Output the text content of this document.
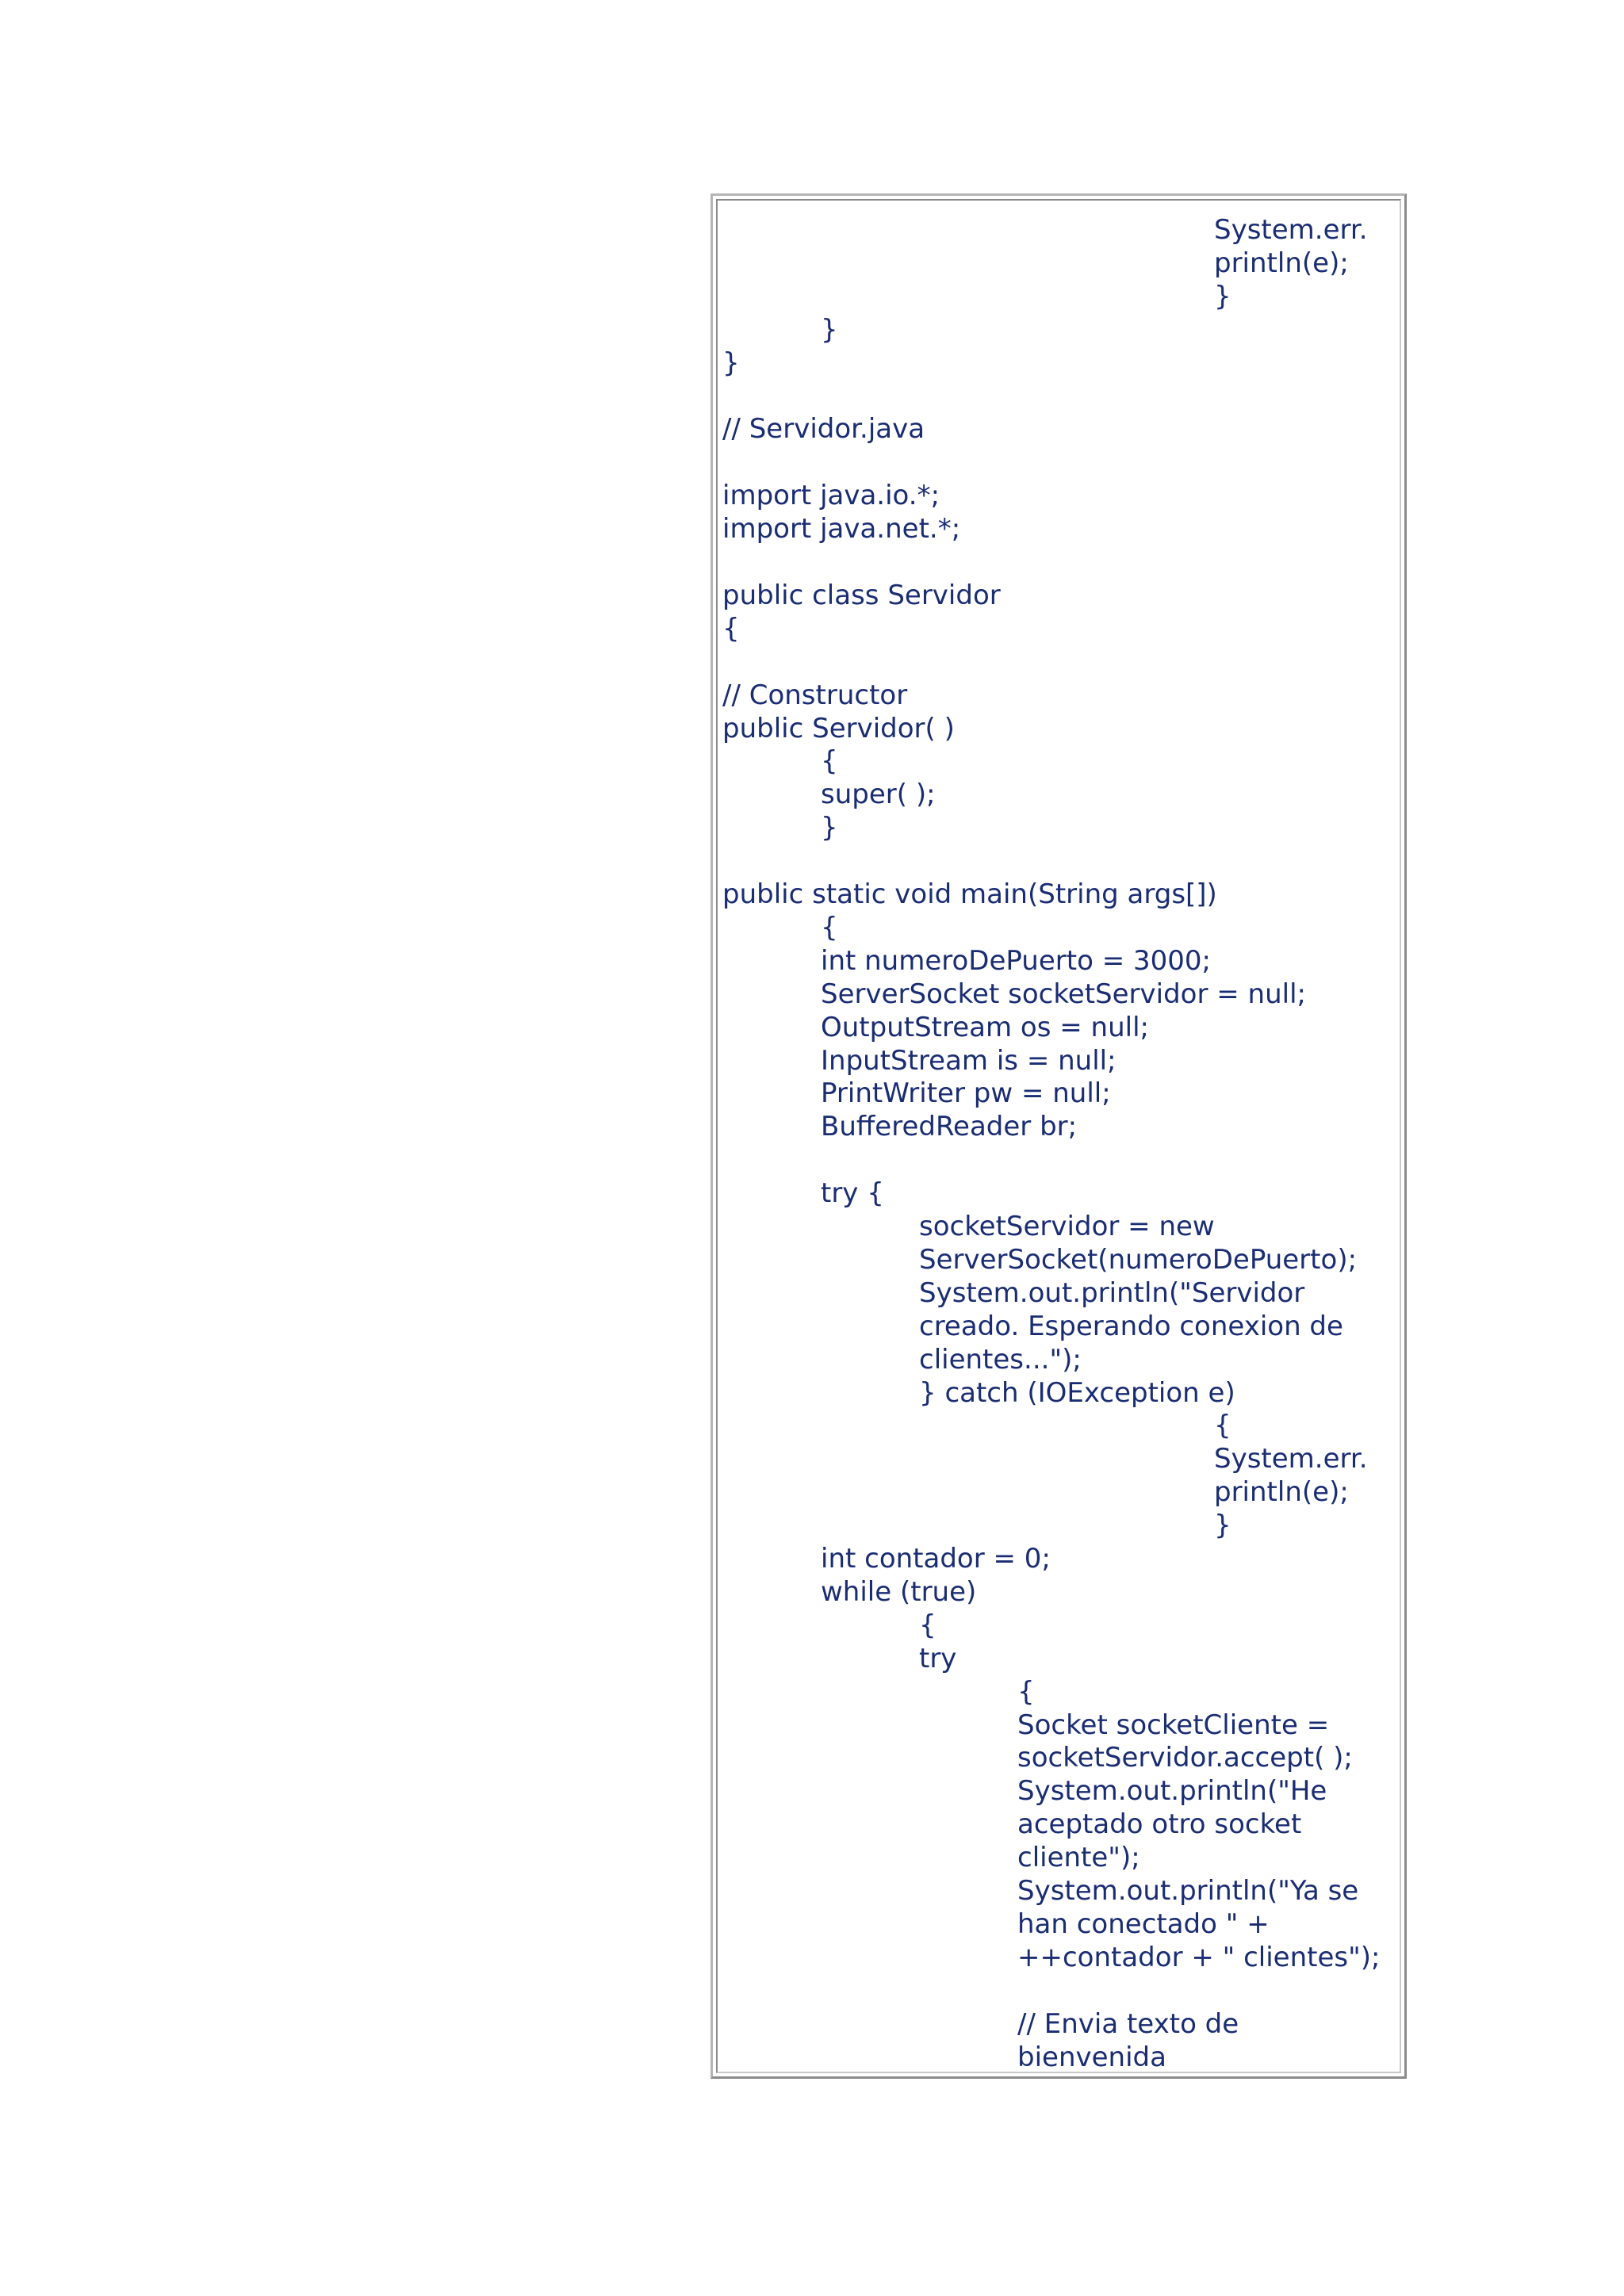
System.err.
println(e);
}
}
}
// Servidor.java
import java.io.*;
import java.net.*;
public class Servidor
{
// Constructor
public Servidor( )
{
super( );
}
public static void main(String args[])
{
int numeroDePuerto = 3000;
ServerSocket socketServidor = null;
OutputStream os = null;
InputStream is = null;
PrintWriter pw = null;
BufferedReader br;
try {
socketServidor = new
ServerSocket(numeroDePuerto);
System.out.println("Servidor
creado. Esperando conexion de
clientes...");
} catch (IOException e)
{
System.err.
println(e);
}
int contador = 0;
while (true)
{
try
{
Socket socketCliente =
socketServidor.accept( );
System.out.println("He
aceptado otro socket
cliente");
System.out.println("Ya se
han conectado " +
++contador + " clientes");
// Envia texto de
bienvenida
